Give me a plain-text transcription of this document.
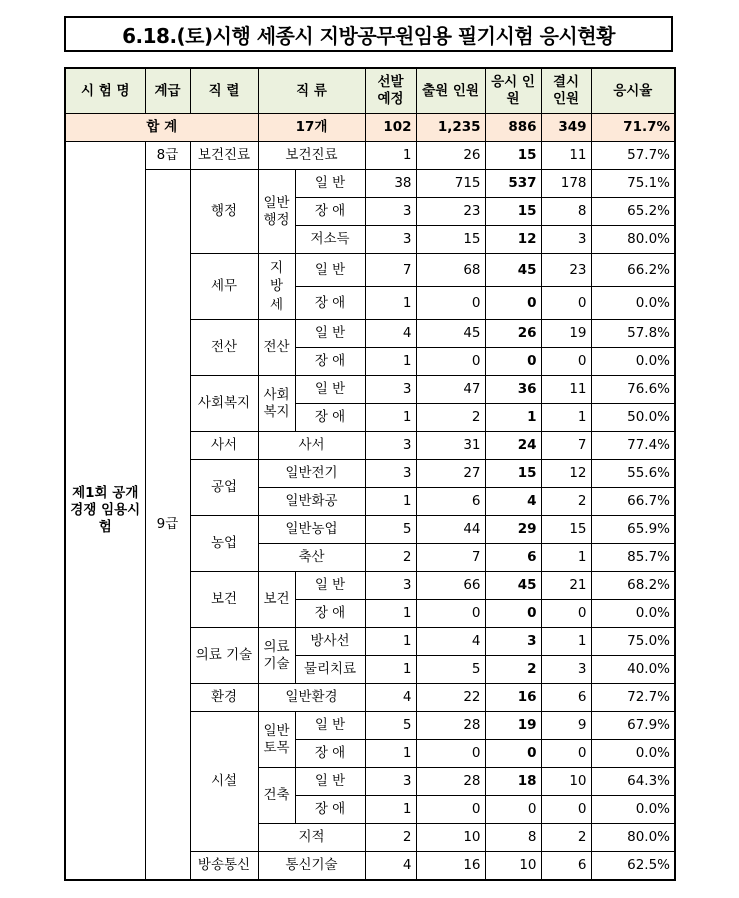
6.18.(토)시행 세종시 지방공무원임용 필기시험 응시현황
시 험 명	계급	직 렬	직 류		선발 예정	출원 인원	응시 인원	결시 인원	응시율
합 계			17개		102	1,235	886	349	71.7%
제1회 공개경쟁 임용시험	8급	보건진료	보건진료		1	26	15	11	57.7%
	9급	행정	일반 행정	일 반	38	715	537	178	75.1%
				장 애	3	23	15	8	65.2%
				저소득	3	15	12	3	80.0%
		세무	지 방 세	일 반	7	68	45	23	66.2%
				장 애	1	0	0	0	0.0%
		전산	전산	일 반	4	45	26	19	57.8%
				장 애	1	0	0	0	0.0%
		사회복지	사회 복지	일 반	3	47	36	11	76.6%
				장 애	1	2	1	1	50.0%
		사서	사서		3	31	24	7	77.4%
		공업	일반전기		3	27	15	12	55.6%
			일반화공		1	6	4	2	66.7%
		농업	일반농업		5	44	29	15	65.9%
			축산		2	7	6	1	85.7%
		보건	보건	일 반	3	66	45	21	68.2%
				장 애	1	0	0	0	0.0%
		의료 기술	의료 기술	방사선	1	4	3	1	75.0%
				물리치료	1	5	2	3	40.0%
		환경	일반환경		4	22	16	6	72.7%
		시설	일반 토목	일 반	5	28	19	9	67.9%
				장 애	1	0	0	0	0.0%
			건축	일 반	3	28	18	10	64.3%
				장 애	1	0	0	0	0.0%
			지적		2	10	8	2	80.0%
		방송통신	통신기술		4	16	10	6	62.5%
